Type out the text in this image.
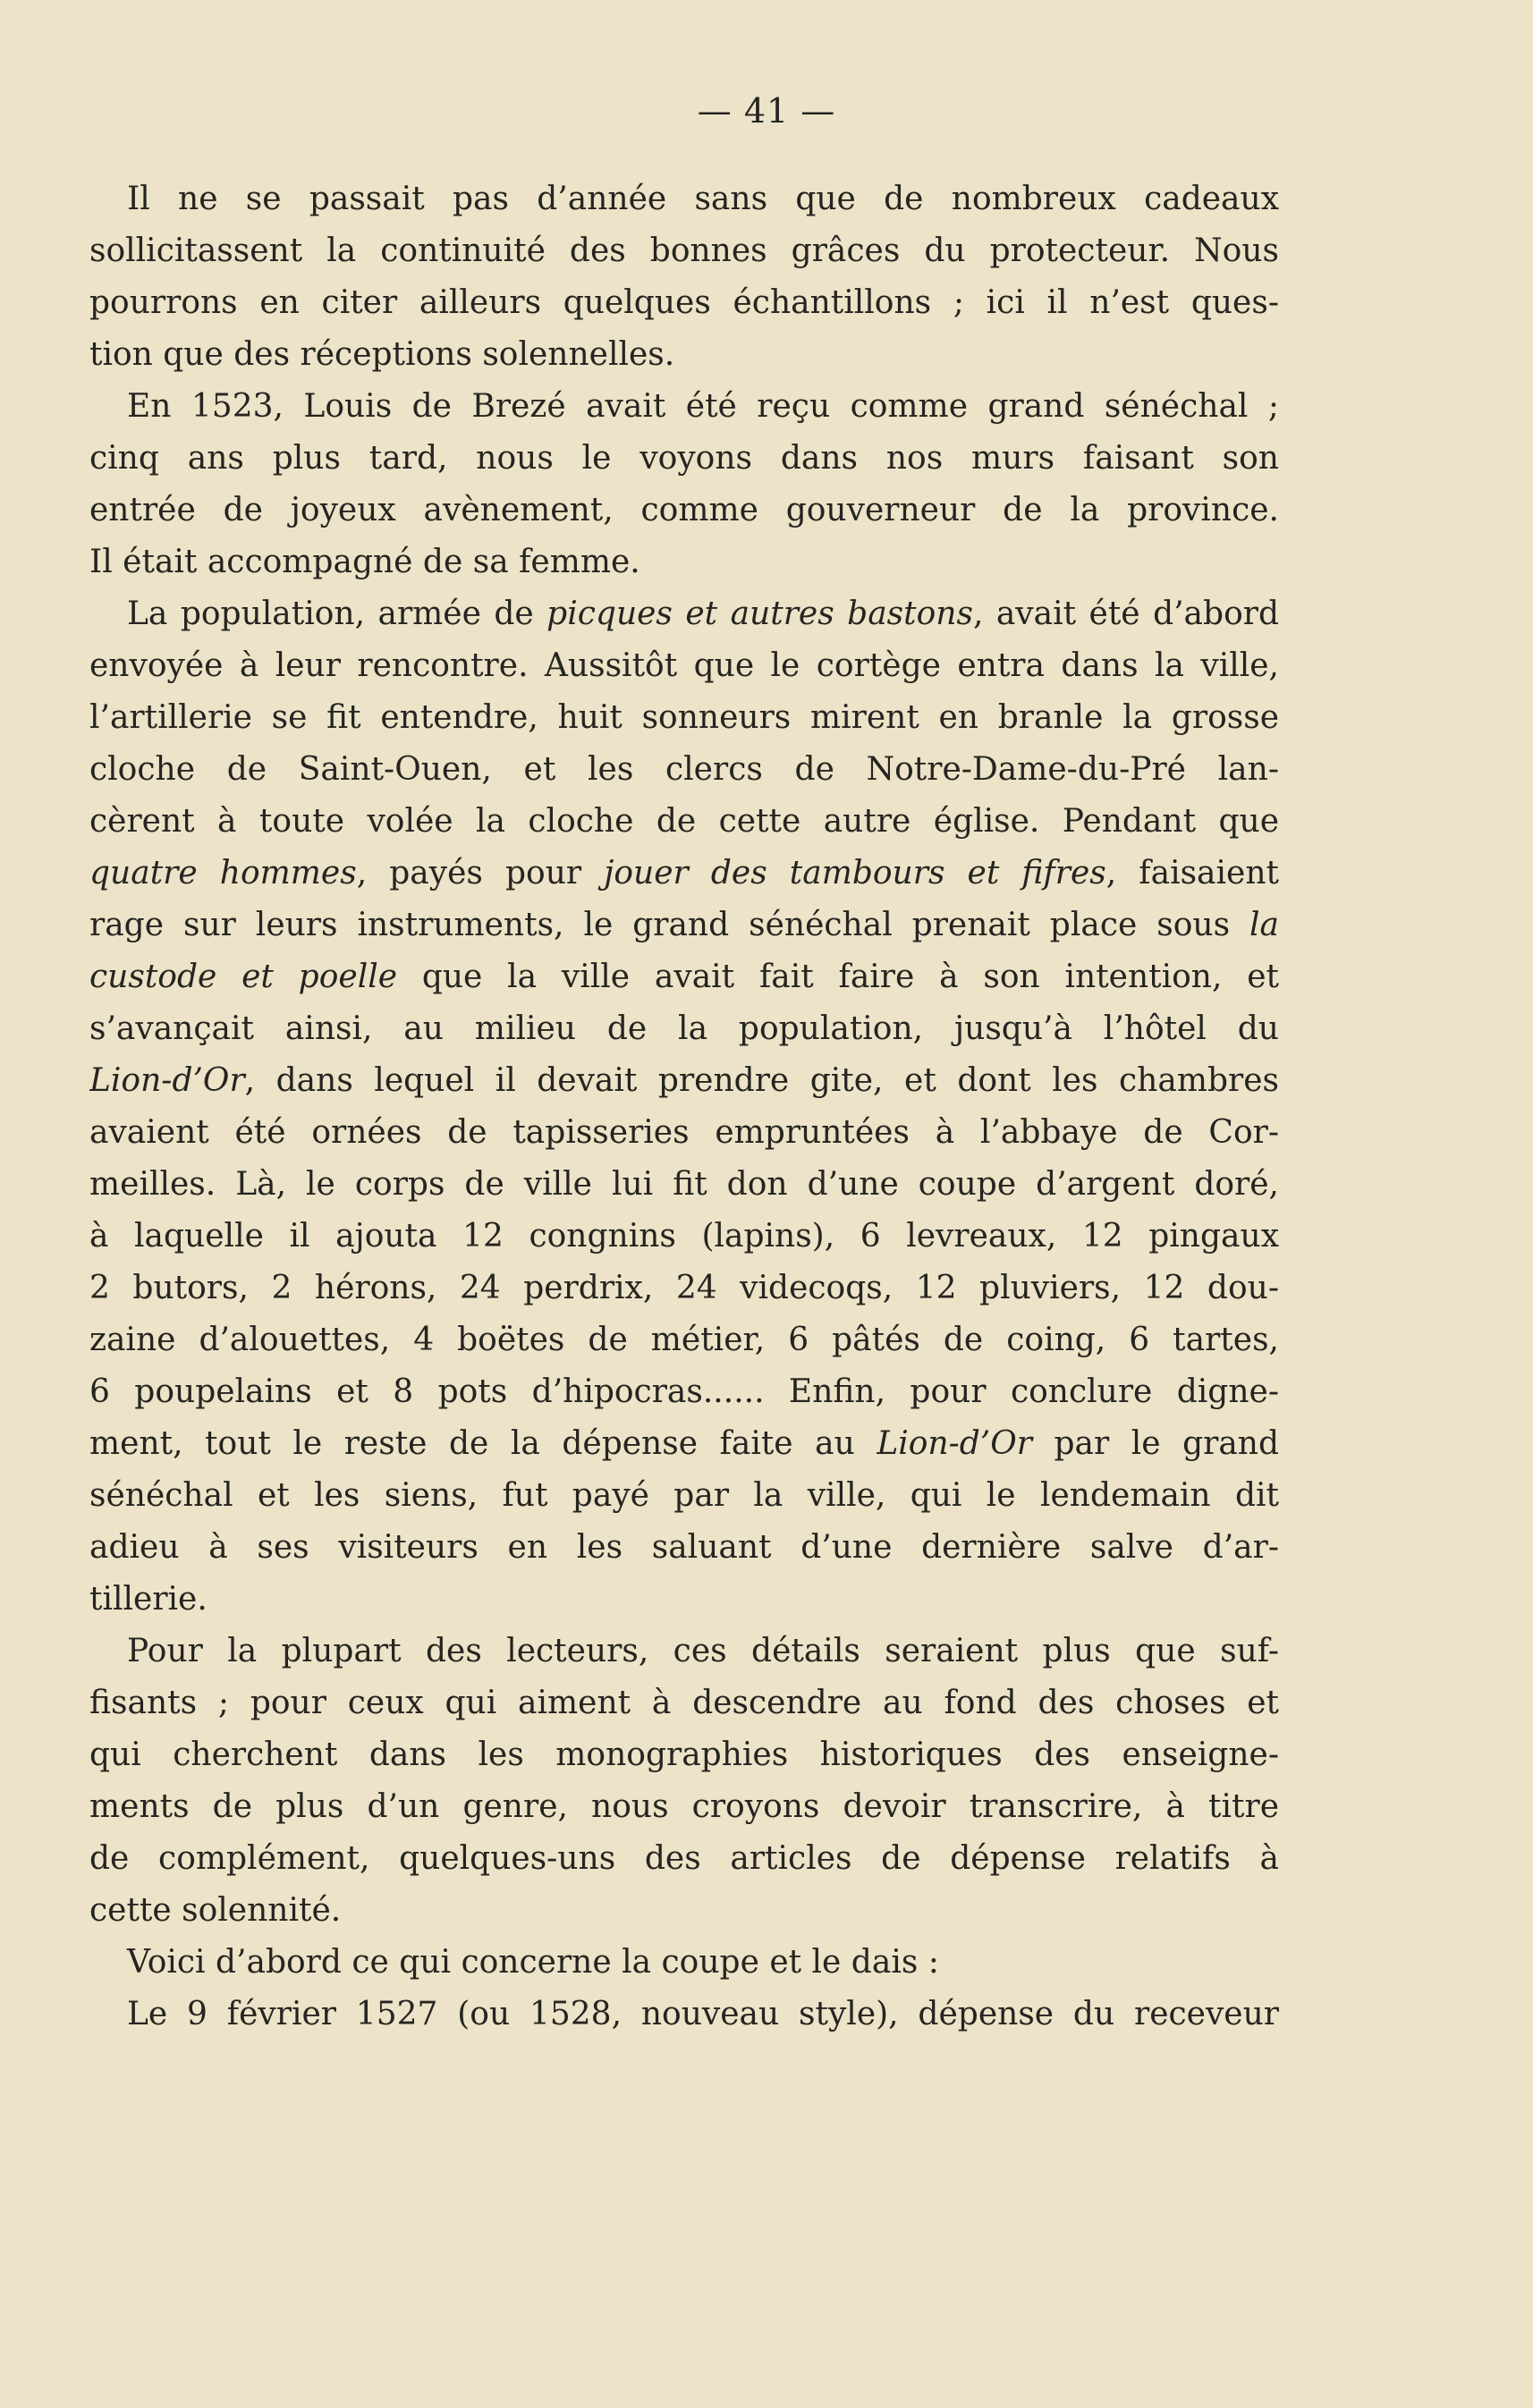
— 41 —
Il ne se passait pas d’année sans que de nombreux cadeaux
sollicitassent la continuité des bonnes grâces du protecteur. Nous
pourrons en citer ailleurs quelques échantillons ; ici il n’est ques-
tion que des réceptions solennelles.
En 1523, Louis de Brezé avait été reçu comme grand sénéchal ;
cinq ans plus tard, nous le voyons dans nos murs faisant son
entrée de joyeux avènement, comme gouverneur de la province.
Il était accompagné de sa femme.
La population, armée de picques et autres bastons, avait été d’abord
envoyée à leur rencontre. Aussitôt que le cortège entra dans la ville,
l’artillerie se fit entendre, huit sonneurs mirent en branle la grosse
cloche de Saint-Ouen, et les clercs de Notre-Dame-du-Pré lan-
cèrent à toute volée la cloche de cette autre église. Pendant que
quatre hommes, payés pour jouer des tambours et fifres, faisaient
rage sur leurs instruments, le grand sénéchal prenait place sous la
custode et poelle que la ville avait fait faire à son intention, et
s’avançait ainsi, au milieu de la population, jusqu’à l’hôtel du
Lion-d’Or, dans lequel il devait prendre gite, et dont les chambres
avaient été ornées de tapisseries empruntées à l’abbaye de Cor-
meilles. Là, le corps de ville lui fit don d’une coupe d’argent doré,
à laquelle il ajouta 12 congnins (lapins), 6 levreaux, 12 pingaux
2 butors, 2 hérons, 24 perdrix, 24 videcoqs, 12 pluviers, 12 dou-
zaine d’alouettes, 4 boëtes de métier, 6 pâtés de coing, 6 tartes,
6 poupelains et 8 pots d’hipocras...... Enfin, pour conclure digne-
ment, tout le reste de la dépense faite au Lion-d’Or par le grand
sénéchal et les siens, fut payé par la ville, qui le lendemain dit
adieu à ses visiteurs en les saluant d’une dernière salve d’ar-
tillerie.
Pour la plupart des lecteurs, ces détails seraient plus que suf-
fisants ; pour ceux qui aiment à descendre au fond des choses et
qui cherchent dans les monographies historiques des enseigne-
ments de plus d’un genre, nous croyons devoir transcrire, à titre
de complément, quelques-uns des articles de dépense relatifs à
cette solennité.
Voici d’abord ce qui concerne la coupe et le dais :
Le 9 février 1527 (ou 1528, nouveau style), dépense du receveur
